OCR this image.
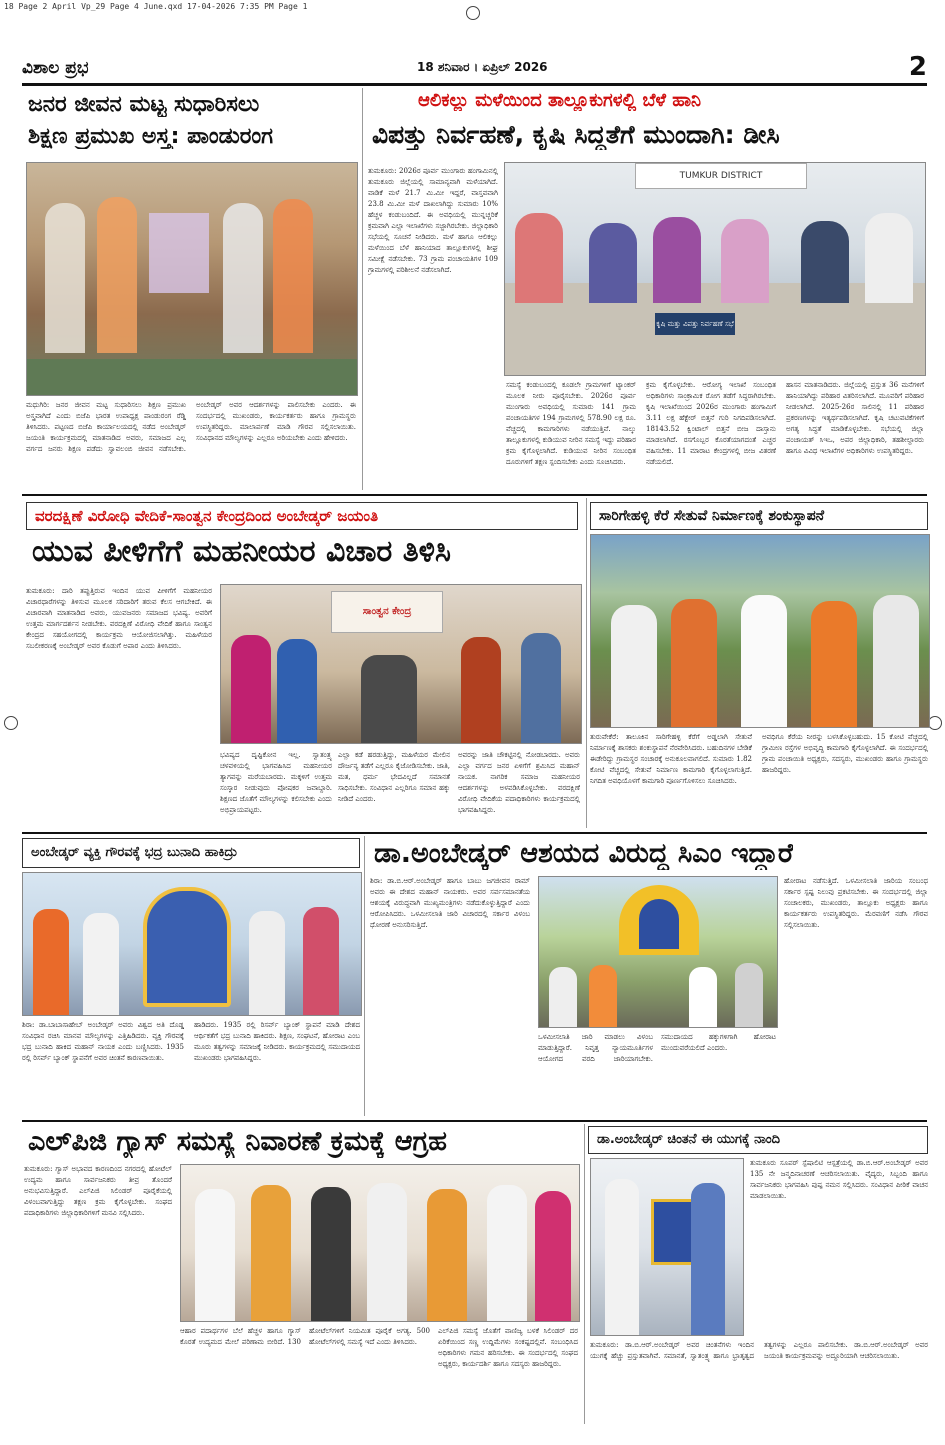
18 Page 2 April Vp_29 Page 4 June.qxd 17-04-2026 7:35 PM Page 1
ವಿಶಾಲ ಪ್ರಭ	18 ಶನಿವಾರ । ಏಪ್ರಿಲ್ 2026	2
ಜನರ ಜೀವನ ಮಟ್ಟ ಸುಧಾರಿಸಲು
ಶಿಕ್ಷಣ ಪ್ರಮುಖ ಅಸ್ತ್ರ: ಪಾಂಡುರಂಗ
ಮಧುಗಿರಿ: ಜನರ ಜೀವನ ಮಟ್ಟ ಸುಧಾರಿಸಲು ಶಿಕ್ಷಣ ಪ್ರಮುಖ ಅಸ್ತ್ರವಾಗಿದೆ ಎಂದು ಬಿಜೆಪಿ ಭಾರತ ಉಪಾಧ್ಯಕ್ಷ ಪಾಂಡುರಂಗ ರೆಡ್ಡಿ ತಿಳಿಸಿದರು. ಪಟ್ಟಣದ ಬಿಜೆಪಿ ಕಾರ್ಯಾಲಯದಲ್ಲಿ ನಡೆದ ಅಂಬೇಡ್ಕರ್ ಜಯಂತಿ ಕಾರ್ಯಕ್ರಮದಲ್ಲಿ ಮಾತನಾಡಿದ ಅವರು, ಸಮಾಜದ ಎಲ್ಲ ವರ್ಗದ ಜನರು ಶಿಕ್ಷಣ ಪಡೆದು ಸ್ವಾವಲಂಬಿ ಜೀವನ ನಡೆಸಬೇಕು. ಅಂಬೇಡ್ಕರ್ ಅವರ ಆದರ್ಶಗಳನ್ನು ಪಾಲಿಸಬೇಕು ಎಂದರು. ಈ ಸಂದರ್ಭದಲ್ಲಿ ಮುಖಂಡರು, ಕಾರ್ಯಕರ್ತರು ಹಾಗೂ ಗ್ರಾಮಸ್ಥರು ಉಪಸ್ಥಿತರಿದ್ದರು. ಮಾಲಾರ್ಪಣೆ ಮಾಡಿ ಗೌರವ ಸಲ್ಲಿಸಲಾಯಿತು. ಸಂವಿಧಾನದ ಮೌಲ್ಯಗಳನ್ನು ಎಲ್ಲರೂ ಅರಿಯಬೇಕು ಎಂದು ಹೇಳಿದರು.
ಆಲಿಕಲ್ಲು ಮಳೆಯಿಂದ ತಾಲ್ಲೂಕುಗಳಲ್ಲಿ ಬೆಳೆ ಹಾನಿ
ವಿಪತ್ತು ನಿರ್ವಹಣೆ, ಕೃಷಿ ಸಿದ್ಧತೆಗೆ ಮುಂದಾಗಿ: ಡೀಸಿ
TUMKUR DISTRICT
ಕೃಷಿ ಮತ್ತು ವಿಪತ್ತು ನಿರ್ವಹಣೆ ಸಭೆ
ತುಮಕೂರು: 2026ರ ಪೂರ್ವ ಮುಂಗಾರು ಹಂಗಾಮಿನಲ್ಲಿ ತುಮಕೂರು ಜಿಲ್ಲೆಯಲ್ಲಿ ಸಾಮಾನ್ಯವಾಗಿ ಮಳೆಯಾಗಿದೆ. ವಾಡಿಕೆ ಮಳೆ 21.7 ಮಿ.ಮೀ ಇದ್ದರೆ, ವಾಸ್ತವವಾಗಿ 23.8 ಮಿ.ಮೀ ಮಳೆ ದಾಖಲಾಗಿದ್ದು ಸುಮಾರು 10% ಹೆಚ್ಚಳ ಕಂಡುಬಂದಿದೆ. ಈ ಅವಧಿಯಲ್ಲಿ ಮುನ್ನಚ್ಚರಿಕೆ ಕ್ರಮವಾಗಿ ಎಲ್ಲಾ ಇಲಾಖೆಗಳು ಸಜ್ಜಾಗಿರಬೇಕು. ಜಿಲ್ಲಾಧಿಕಾರಿ ಸಭೆಯಲ್ಲಿ ಸೂಚನೆ ನೀಡಿದರು. ಮಳೆ ಹಾಗೂ ಆಲಿಕಲ್ಲು ಮಳೆಯಿಂದ ಬೆಳೆ ಹಾನಿಯಾದ ತಾಲ್ಲೂಕುಗಳಲ್ಲಿ ಶೀಘ್ರ ಸಮೀಕ್ಷೆ ನಡೆಸಬೇಕು. 73 ಗ್ರಾಮ ಪಂಚಾಯತಿಗಳ 109 ಗ್ರಾಮಗಳಲ್ಲಿ ಪರಿಶೀಲನೆ ನಡೆಸಲಾಗಿದೆ.
ಸಮಸ್ಯೆ ಕಂಡುಬಂದಲ್ಲಿ ಕೂಡಲೇ ಗ್ರಾಮಗಳಿಗೆ ಟ್ಯಾಂಕರ್ ಮೂಲಕ ನೀರು ಪೂರೈಸಬೇಕು. 2026ರ ಪೂರ್ವ ಮುಂಗಾರು ಅವಧಿಯಲ್ಲಿ ಸುಮಾರು 141 ಗ್ರಾಮ ಪಂಚಾಯತಿಗಳ 194 ಗ್ರಾಮಗಳಲ್ಲಿ 578.90 ಲಕ್ಷ ರೂ. ವೆಚ್ಚದಲ್ಲಿ ಕಾಮಗಾರಿಗಳು ನಡೆಯುತ್ತಿವೆ. ನಾಲ್ಕು ತಾಲ್ಲೂಕುಗಳಲ್ಲಿ ಕುಡಿಯುವ ನೀರಿನ ಸಮಸ್ಯೆ ಇದ್ದು ಪರಿಹಾರ ಕ್ರಮ ಕೈಗೊಳ್ಳಲಾಗಿದೆ. ಕುಡಿಯುವ ನೀರಿನ ಸಂಬಂಧಿತ ದೂರುಗಳಿಗೆ ತಕ್ಷಣ ಸ್ಪಂದಿಸಬೇಕು ಎಂದು ಸೂಚಿಸಿದರು.
ಕ್ರಮ ಕೈಗೊಳ್ಳಬೇಕು. ಆರೋಗ್ಯ ಇಲಾಖೆ ಸಂಬಂಧಿತ ಅಧಿಕಾರಿಗಳು ಸಾಂಕ್ರಾಮಿಕ ರೋಗ ತಡೆಗೆ ಸಿದ್ಧರಾಗಿರಬೇಕು. ಕೃಷಿ ಇಲಾಖೆಯಿಂದ 2026ರ ಮುಂಗಾರು ಹಂಗಾಮಿಗೆ 3.11 ಲಕ್ಷ ಹೆಕ್ಟೇರ್ ಬಿತ್ತನೆ ಗುರಿ ನಿಗದಿಪಡಿಸಲಾಗಿದೆ. 18143.52 ಕ್ವಿಂಟಾಲ್ ಬಿತ್ತನೆ ಬೀಜ ದಾಸ್ತಾನು ಮಾಡಲಾಗಿದೆ. ರಸಗೊಬ್ಬರ ಕೊರತೆಯಾಗದಂತೆ ಎಚ್ಚರ ವಹಿಸಬೇಕು. 11 ಮಾರಾಟ ಕೇಂದ್ರಗಳಲ್ಲಿ ಬೀಜ ವಿತರಣೆ ನಡೆಯಲಿದೆ.
ಹಾಸನ ಮಾತನಾಡಿದರು. ಜಿಲ್ಲೆಯಲ್ಲಿ ಪ್ರಸ್ತುತ 36 ಮನೆಗಳಿಗೆ ಹಾನಿಯಾಗಿದ್ದು ಪರಿಹಾರ ವಿತರಿಸಲಾಗಿದೆ. ಮೂವರಿಗೆ ಪರಿಹಾರ ನೀಡಲಾಗಿದೆ. 2025-26ರ ಸಾಲಿನಲ್ಲಿ 11 ಪರಿಹಾರ ಪ್ರಕರಣಗಳನ್ನು ಇತ್ಯರ್ಥಪಡಿಸಲಾಗಿದೆ. ಕೃಷಿ ಚಟುವಟಿಕೆಗಳಿಗೆ ಅಗತ್ಯ ಸಿದ್ಧತೆ ಮಾಡಿಕೊಳ್ಳಬೇಕು. ಸಭೆಯಲ್ಲಿ ಜಿಲ್ಲಾ ಪಂಚಾಯತ್ ಸಿಇಒ, ಅಪರ ಜಿಲ್ಲಾಧಿಕಾರಿ, ತಹಶೀಲ್ದಾರರು ಹಾಗೂ ವಿವಿಧ ಇಲಾಖೆಗಳ ಅಧಿಕಾರಿಗಳು ಉಪಸ್ಥಿತರಿದ್ದರು.
ವರದಕ್ಷಿಣೆ ವಿರೋಧಿ ವೇದಿಕೆ-ಸಾಂತ್ವನ ಕೇಂದ್ರದಿಂದ ಅಂಬೇಡ್ಕರ್ ಜಯಂತಿ
ಯುವ ಪೀಳಿಗೆಗೆ ಮಹನೀಯರ ವಿಚಾರ ತಿಳಿಸಿ
ಸಾಂತ್ವನ ಕೇಂದ್ರ
ತುಮಕೂರು: ದಾರಿ ತಪ್ಪುತ್ತಿರುವ ಇಂದಿನ ಯುವ ಪೀಳಿಗೆಗೆ ಮಹನೀಯರ ವಿಚಾರಧಾರೆಗಳನ್ನು ತಿಳಿಸುವ ಮೂಲಕ ಸರಿದಾರಿಗೆ ತರುವ ಕೆಲಸ ಆಗಬೇಕಿದೆ. ಈ ವಿಚಾರವಾಗಿ ಮಾತನಾಡಿದ ಅವರು, ಯುವಜನರು ಸಮಾಜದ ಭವಿಷ್ಯ. ಅವರಿಗೆ ಉತ್ತಮ ಮಾರ್ಗದರ್ಶನ ನೀಡಬೇಕು. ವರದಕ್ಷಿಣೆ ವಿರೋಧಿ ವೇದಿಕೆ ಹಾಗೂ ಸಾಂತ್ವನ ಕೇಂದ್ರದ ಸಹಯೋಗದಲ್ಲಿ ಕಾರ್ಯಕ್ರಮ ಆಯೋಜಿಸಲಾಗಿತ್ತು. ಮಹಿಳೆಯರ ಸಬಲೀಕರಣಕ್ಕೆ ಅಂಬೇಡ್ಕರ್ ಅವರ ಕೊಡುಗೆ ಅಪಾರ ಎಂದು ತಿಳಿಸಿದರು.
ಭವಿಷ್ಯದ ದೃಷ್ಟಿಕೋನ ಇಲ್ಲ. ಸ್ವಾತಂತ್ರ್ಯ ಚಳವಳಿಯಲ್ಲಿ ಭಾಗವಹಿಸಿದ ಮಹನೀಯರ ತ್ಯಾಗವನ್ನು ಮರೆಯಬಾರದು. ಮಕ್ಕಳಿಗೆ ಉತ್ತಮ ಸಂಸ್ಕಾರ ನೀಡುವುದು ಪೋಷಕರ ಜವಾಬ್ದಾರಿ. ಶಿಕ್ಷಣದ ಜೊತೆಗೆ ಮೌಲ್ಯಗಳನ್ನು ಕಲಿಸಬೇಕು ಎಂದು ಅಭಿಪ್ರಾಯಪಟ್ಟರು.
ಎಲ್ಲಾ ಕಡೆ ಹರಡುತ್ತಿದ್ದು, ಮಹಿಳೆಯರ ಮೇಲಿನ ದೌರ್ಜನ್ಯ ತಡೆಗೆ ಎಲ್ಲರೂ ಕೈಜೋಡಿಸಬೇಕು. ಜಾತಿ, ಮತ, ಧರ್ಮ ಭೇದವಿಲ್ಲದೆ ಸಮಾನತೆ ಸಾಧಿಸಬೇಕು. ಸಂವಿಧಾನ ಎಲ್ಲರಿಗೂ ಸಮಾನ ಹಕ್ಕು ನೀಡಿದೆ ಎಂದರು.
ಅವರನ್ನು ಜಾತಿ ಚೌಕಟ್ಟಿನಲ್ಲಿ ನೋಡಬಾರದು. ಅವರು ಎಲ್ಲಾ ವರ್ಗದ ಜನರ ಏಳಿಗೆಗೆ ಶ್ರಮಿಸಿದ ಮಹಾನ್ ನಾಯಕ. ನಾಗರಿಕ ಸಮಾಜ ಮಹನೀಯರ ಆದರ್ಶಗಳನ್ನು ಅಳವಡಿಸಿಕೊಳ್ಳಬೇಕು. ವರದಕ್ಷಿಣೆ ವಿರೋಧಿ ವೇದಿಕೆಯ ಪದಾಧಿಕಾರಿಗಳು ಕಾರ್ಯಕ್ರಮದಲ್ಲಿ ಭಾಗವಹಿಸಿದ್ದರು.
ಸಾರಿಗೇಹಳ್ಳಿ ಕೆರೆ ಸೇತುವೆ ನಿರ್ಮಾಣಕ್ಕೆ ಶಂಕುಸ್ಥಾಪನೆ
ತುರುವೇಕೆರೆ: ತಾಲೂಕಿನ ಸಾರಿಗೇಹಳ್ಳಿ ಕೆರೆಗೆ ಅಡ್ಡಲಾಗಿ ಸೇತುವೆ ನಿರ್ಮಾಣಕ್ಕೆ ಶಾಸಕರು ಶಂಕುಸ್ಥಾಪನೆ ನೆರವೇರಿಸಿದರು. ಬಹುದಿನಗಳ ಬೇಡಿಕೆ ಈಡೇರಿದ್ದು ಗ್ರಾಮಸ್ಥರ ಸಂಚಾರಕ್ಕೆ ಅನುಕೂಲವಾಗಲಿದೆ. ಸುಮಾರು 1.82 ಕೋಟಿ ವೆಚ್ಚದಲ್ಲಿ ಸೇತುವೆ ನಿರ್ಮಾಣ ಕಾಮಗಾರಿ ಕೈಗೊಳ್ಳಲಾಗುತ್ತಿದೆ. ನಿಗದಿತ ಅವಧಿಯೊಳಗೆ ಕಾಮಗಾರಿ ಪೂರ್ಣಗೊಳಿಸಲು ಸೂಚಿಸಿದರು.
ಅವಧಿಗೂ ಕೆರೆಯ ನೀರನ್ನು ಬಳಸಿಕೊಳ್ಳಬಹುದು. 15 ಕೋಟಿ ವೆಚ್ಚದಲ್ಲಿ ಗ್ರಾಮೀಣ ರಸ್ತೆಗಳ ಅಭಿವೃದ್ಧಿ ಕಾಮಗಾರಿ ಕೈಗೊಳ್ಳಲಾಗಿದೆ. ಈ ಸಂದರ್ಭದಲ್ಲಿ ಗ್ರಾಮ ಪಂಚಾಯಿತಿ ಅಧ್ಯಕ್ಷರು, ಸದಸ್ಯರು, ಮುಖಂಡರು ಹಾಗೂ ಗ್ರಾಮಸ್ಥರು ಹಾಜರಿದ್ದರು.
ಅಂಬೇಡ್ಕರ್ ವ್ಯಕ್ತಿ ಗೌರವಕ್ಕೆ ಭದ್ರ ಬುನಾದಿ ಹಾಕಿದ್ರು
ಶಿರಾ: ಡಾ.ಬಾಬಾಸಾಹೇಬ್ ಅಂಬೇಡ್ಕರ್ ಅವರು ವಿಶ್ವದ ಅತಿ ದೊಡ್ಡ ಸಂವಿಧಾನ ರಚಿಸಿ ಮಾನವ ಮೌಲ್ಯಗಳನ್ನು ಎತ್ತಿಹಿಡಿದರು. ವ್ಯಕ್ತಿ ಗೌರವಕ್ಕೆ ಭದ್ರ ಬುನಾದಿ ಹಾಕಿದ ಮಹಾನ್ ನಾಯಕ ಎಂದು ಬಣ್ಣಿಸಿದರು. 1935 ರಲ್ಲಿ ರಿಸರ್ವ್ ಬ್ಯಾಂಕ್ ಸ್ಥಾಪನೆಗೆ ಅವರ ಚಿಂತನೆ ಕಾರಣವಾಯಿತು.
ಹಾಡಿದರು. 1935 ರಲ್ಲಿ ರಿಸರ್ವ್ ಬ್ಯಾಂಕ್ ಸ್ಥಾಪನೆ ಮಾಡಿ ದೇಶದ ಆರ್ಥಿಕತೆಗೆ ಭದ್ರ ಬುನಾದಿ ಹಾಕಿದರು. ಶಿಕ್ಷಣ, ಸಂಘಟನೆ, ಹೋರಾಟ ಎಂಬ ಮೂರು ತತ್ವಗಳನ್ನು ಸಮಾಜಕ್ಕೆ ನೀಡಿದರು. ಕಾರ್ಯಕ್ರಮದಲ್ಲಿ ಸಮುದಾಯದ ಮುಖಂಡರು ಭಾಗವಹಿಸಿದ್ದರು.
ಡಾ.ಅಂಬೇಡ್ಕರ್ ಆಶಯದ ವಿರುದ್ಧ ಸಿಎಂ ಇದ್ದಾರೆ
ಶಿರಾ: ಡಾ.ಬಿ.ಆರ್.ಅಂಬೇಡ್ಕರ್ ಹಾಗೂ ಬಾಬು ಜಗಜೀವನ ರಾಮ್ ಅವರು ಈ ದೇಶದ ಮಹಾನ್ ನಾಯಕರು. ಅವರ ಸರ್ವಸಮಾನತೆಯ ಆಶಯಕ್ಕೆ ವಿರುದ್ಧವಾಗಿ ಮುಖ್ಯಮಂತ್ರಿಗಳು ನಡೆದುಕೊಳ್ಳುತ್ತಿದ್ದಾರೆ ಎಂದು ಆರೋಪಿಸಿದರು. ಒಳಮೀಸಲಾತಿ ಜಾರಿ ವಿಚಾರದಲ್ಲಿ ಸರ್ಕಾರ ವಿಳಂಬ ಧೋರಣೆ ಅನುಸರಿಸುತ್ತಿದೆ.
ಒಳಮೀಸಲಾತಿ ಜಾರಿ ಮಾಡಲು ವಿಳಂಬ ಮಾಡುತ್ತಿದ್ದಾರೆ. ನಿವೃತ್ತ ನ್ಯಾಯಮೂರ್ತಿಗಳ ಆಯೋಗದ ವರದಿ ಜಾರಿಯಾಗಬೇಕು. ಸಮುದಾಯದ ಹಕ್ಕುಗಳಿಗಾಗಿ ಹೋರಾಟ ಮುಂದುವರೆಯಲಿದೆ ಎಂದರು.
ಹೋರಾಟ ನಡೆಸುತ್ತಿದೆ. ಒಳಮೀಸಲಾತಿ ಜಾರಿಯ ಸಂಬಂಧ ಸರ್ಕಾರ ಸ್ಪಷ್ಟ ನಿಲುವು ಪ್ರಕಟಿಸಬೇಕು. ಈ ಸಂದರ್ಭದಲ್ಲಿ ಜಿಲ್ಲಾ ಸಂಚಾಲಕರು, ಮುಖಂಡರು, ತಾಲ್ಲೂಕು ಅಧ್ಯಕ್ಷರು ಹಾಗೂ ಕಾರ್ಯಕರ್ತರು ಉಪಸ್ಥಿತರಿದ್ದರು. ಮೆರವಣಿಗೆ ನಡೆಸಿ ಗೌರವ ಸಲ್ಲಿಸಲಾಯಿತು.
ಎಲ್‌ಪಿಜಿ ಗ್ಯಾಸ್ ಸಮಸ್ಯೆ ನಿವಾರಣೆ ಕ್ರಮಕ್ಕೆ ಆಗ್ರಹ
ತುಮಕೂರು: ಗ್ಯಾಸ್ ಅಭಾವದ ಕಾರಣದಿಂದ ನಗರದಲ್ಲಿ ಹೋಟೆಲ್ ಉದ್ಯಮ ಹಾಗೂ ಸಾರ್ವಜನಿಕರು ತೀವ್ರ ತೊಂದರೆ ಅನುಭವಿಸುತ್ತಿದ್ದಾರೆ. ಎಲ್‌ಪಿಜಿ ಸಿಲಿಂಡರ್ ಪೂರೈಕೆಯಲ್ಲಿ ವಿಳಂಬವಾಗುತ್ತಿದ್ದು ತಕ್ಷಣ ಕ್ರಮ ಕೈಗೊಳ್ಳಬೇಕು. ಸಂಘದ ಪದಾಧಿಕಾರಿಗಳು ಜಿಲ್ಲಾಧಿಕಾರಿಗಳಿಗೆ ಮನವಿ ಸಲ್ಲಿಸಿದರು.
ಆಹಾರ ಪದಾರ್ಥಗಳ ಬೆಲೆ ಹೆಚ್ಚಳ ಹಾಗೂ ಗ್ಯಾಸ್ ಕೊರತೆ ಉದ್ಯಮದ ಮೇಲೆ ಪರಿಣಾಮ ಬೀರಿದೆ. 130 ಹೋಟೆಲ್‌ಗಳಿಗೆ ನಿಯಮಿತ ಪೂರೈಕೆ ಅಗತ್ಯ. 500 ಹೋಟೆಲ್‌ಗಳಲ್ಲಿ ಸಮಸ್ಯೆ ಇದೆ ಎಂದು ತಿಳಿಸಿದರು.
ಎಲ್‌ಪಿಜಿ ಸಮಸ್ಯೆ ಜೊತೆಗೆ ವಾಣಿಜ್ಯ ಬಳಕೆ ಸಿಲಿಂಡರ್ ದರ ಏರಿಕೆಯಿಂದ ಸಣ್ಣ ಉದ್ದಿಮೆಗಳು ಸಂಕಷ್ಟದಲ್ಲಿವೆ. ಸಂಬಂಧಿಸಿದ ಅಧಿಕಾರಿಗಳು ಗಮನ ಹರಿಸಬೇಕು. ಈ ಸಂದರ್ಭದಲ್ಲಿ ಸಂಘದ ಅಧ್ಯಕ್ಷರು, ಕಾರ್ಯದರ್ಶಿ ಹಾಗೂ ಸದಸ್ಯರು ಹಾಜರಿದ್ದರು.
ಡಾ.ಅಂಬೇಡ್ಕರ್ ಚಿಂತನೆ ಈ ಯುಗಕ್ಕೆ ನಾಂದಿ
ತುಮಕೂರು ಸೂಪರ್ ಸ್ಪೆಷಾಲಿಟಿ ಆಸ್ಪತ್ರೆಯಲ್ಲಿ ಡಾ.ಬಿ.ಆರ್.ಅಂಬೇಡ್ಕರ್ ಅವರ 135 ನೇ ಜನ್ಮದಿನಾಚರಣೆ ಆಚರಿಸಲಾಯಿತು. ವೈದ್ಯರು, ಸಿಬ್ಬಂದಿ ಹಾಗೂ ಸಾರ್ವಜನಿಕರು ಭಾಗವಹಿಸಿ ಪುಷ್ಪ ನಮನ ಸಲ್ಲಿಸಿದರು. ಸಂವಿಧಾನ ಪೀಠಿಕೆ ವಾಚನ ಮಾಡಲಾಯಿತು.
ತುಮಕೂರು: ಡಾ.ಬಿ.ಆರ್.ಅಂಬೇಡ್ಕರ್ ಅವರ ಚಿಂತನೆಗಳು ಇಂದಿನ ಯುಗಕ್ಕೆ ಹೆಚ್ಚು ಪ್ರಸ್ತುತವಾಗಿವೆ. ಸಮಾನತೆ, ಸ್ವಾತಂತ್ರ್ಯ ಹಾಗೂ ಭ್ರಾತೃತ್ವದ ತತ್ವಗಳನ್ನು ಎಲ್ಲರೂ ಪಾಲಿಸಬೇಕು. ಡಾ.ಬಿ.ಆರ್.ಅಂಬೇಡ್ಕರ್ ಅವರ ಜಯಂತಿ ಕಾರ್ಯಕ್ರಮವನ್ನು ಅದ್ದೂರಿಯಾಗಿ ಆಚರಿಸಲಾಯಿತು.
